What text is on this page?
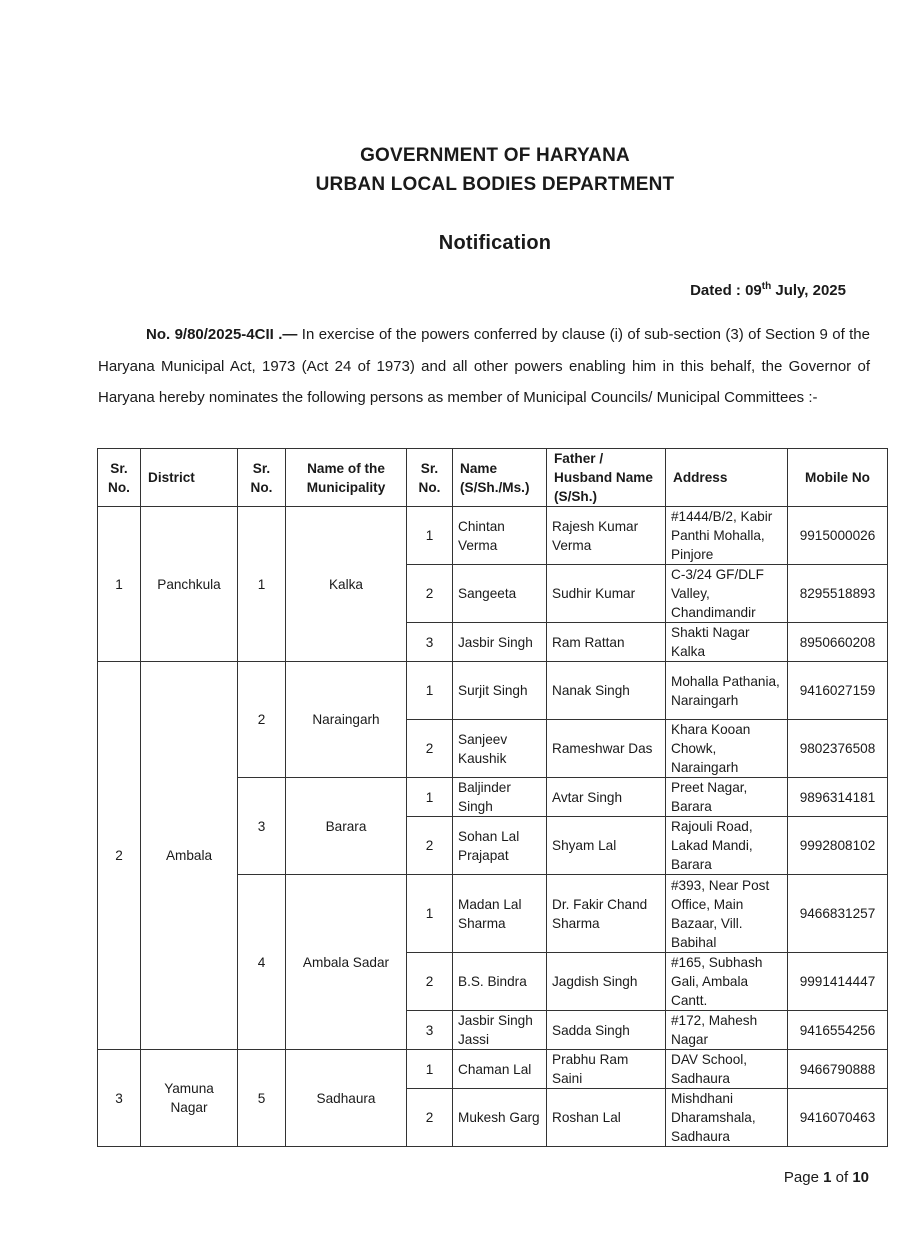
GOVERNMENT OF HARYANA
URBAN LOCAL BODIES DEPARTMENT
Notification
Dated : 09th July, 2025

No. 9/80/2025-4CII .— In exercise of the powers conferred by clause (i) of sub-section (3) of Section 9 of the Haryana Municipal Act, 1973 (Act 24 of 1973) and all other powers enabling him in this behalf, the Governor of Haryana hereby nominates the following persons as member of Municipal Councils/ Municipal Committees :-

Sr. No.	District	Sr. No.	Name of the Municipality	Sr. No.	Name (S/Sh./Ms.)	Father / Husband Name (S/Sh.)	Address	Mobile No
1	Panchkula	1	Kalka	1	Chintan Verma	Rajesh Kumar Verma	#1444/B/2, Kabir Panthi Mohalla, Pinjore	9915000026
				2	Sangeeta	Sudhir Kumar	C-3/24 GF/DLF Valley, Chandimandir	8295518893
				3	Jasbir Singh	Ram Rattan	Shakti Nagar Kalka	8950660208
2	Ambala	2	Naraingarh	1	Surjit Singh	Nanak Singh	Mohalla Pathania, Naraingarh	9416027159
				2	Sanjeev Kaushik	Rameshwar Das	Khara Kooan Chowk, Naraingarh	9802376508
		3	Barara	1	Baljinder Singh	Avtar Singh	Preet Nagar, Barara	9896314181
				2	Sohan Lal Prajapat	Shyam Lal	Rajouli Road, Lakad Mandi, Barara	9992808102
		4	Ambala Sadar	1	Madan Lal Sharma	Dr. Fakir Chand Sharma	#393, Near Post Office, Main Bazaar, Vill. Babihal	9466831257
				2	B.S. Bindra	Jagdish Singh	#165, Subhash Gali, Ambala Cantt.	9991414447
				3	Jasbir Singh Jassi	Sadda Singh	#172, Mahesh Nagar	9416554256
3	Yamuna Nagar	5	Sadhaura	1	Chaman Lal	Prabhu Ram Saini	DAV School, Sadhaura	9466790888
				2	Mukesh Garg	Roshan Lal	Mishdhani Dharamshala, Sadhaura	9416070463
Page 1 of 10
